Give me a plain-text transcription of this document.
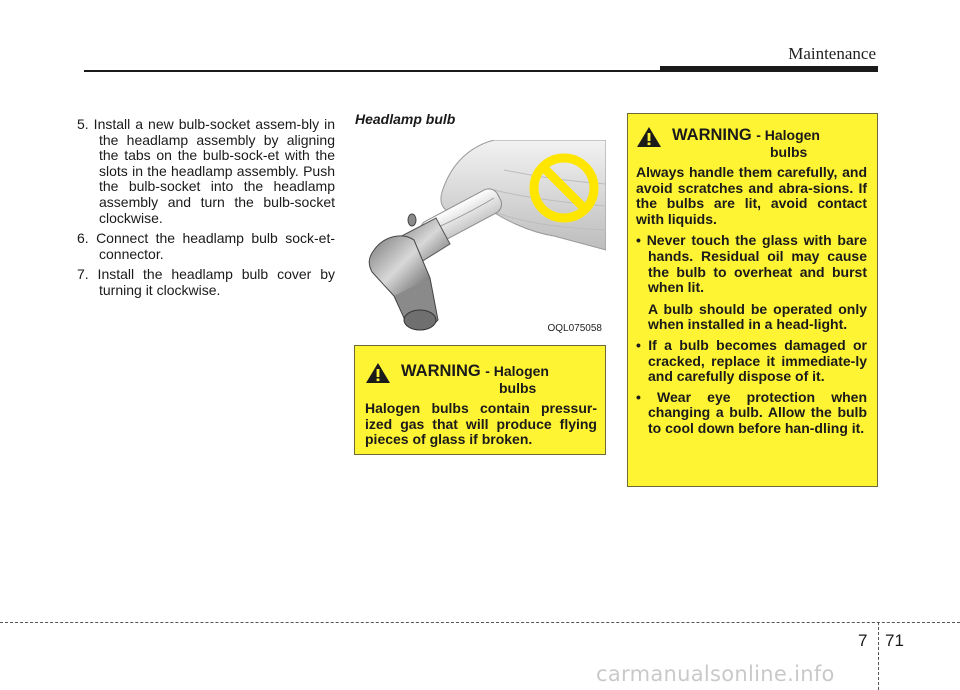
Maintenance
5. Install a new bulb-socket assem-bly in the headlamp assembly by aligning the tabs on the bulb-sock-et with the slots in the headlamp assembly. Push the bulb-socket into the headlamp assembly and turn the bulb-socket clockwise.
6. Connect the headlamp bulb sock-et-connector.
7. Install the headlamp bulb cover by turning it clockwise.
Headlamp bulb
OQL075058
WARNING - Halogen
bulbs
Halogen bulbs contain pressur-ized gas that will produce flying pieces of glass if broken.
WARNING - Halogen
bulbs
Always handle them carefully, and avoid scratches and abra-sions. If the bulbs are lit, avoid contact with liquids.
• Never touch the glass with bare hands. Residual oil may cause the bulb to overheat and burst when lit.
A bulb should be operated only when installed in a head-light.
• If a bulb becomes damaged or cracked, replace it immediate-ly and carefully dispose of it.
• Wear eye protection when changing a bulb. Allow the bulb to cool down before han-dling it.
7 71
carmanualsonline.info
